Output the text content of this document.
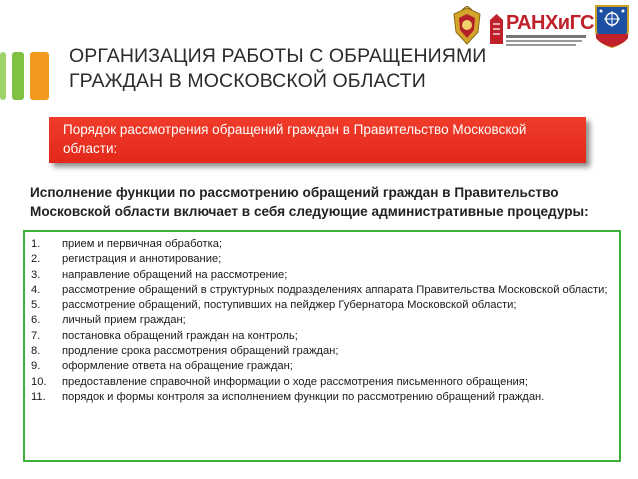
ОРГАНИЗАЦИЯ РАБОТЫ С ОБРАЩЕНИЯМИ
ГРАЖДАН В МОСКОВСКОЙ ОБЛАСТИ
РАНХиГС
Порядок рассмотрения обращений граждан в Правительство Московской области:
Исполнение функции по рассмотрению обращений граждан в Правительство Московской области включает в себя следующие административные процедуры:
1. прием и первичная обработка;
2. регистрация и аннотирование;
3. направление обращений на рассмотрение;
4. рассмотрение обращений в структурных подразделениях аппарата Правительства Московской области;
5. рассмотрение обращений, поступивших на пейджер Губернатора Московской области;
6. личный прием граждан;
7. постановка обращений граждан на контроль;
8. продление срока рассмотрения обращений граждан;
9. оформление ответа на обращение граждан;
10. предоставление справочной информации о ходе рассмотрения письменного обращения;
11. порядок и формы контроля за исполнением функции по рассмотрению обращений граждан.
